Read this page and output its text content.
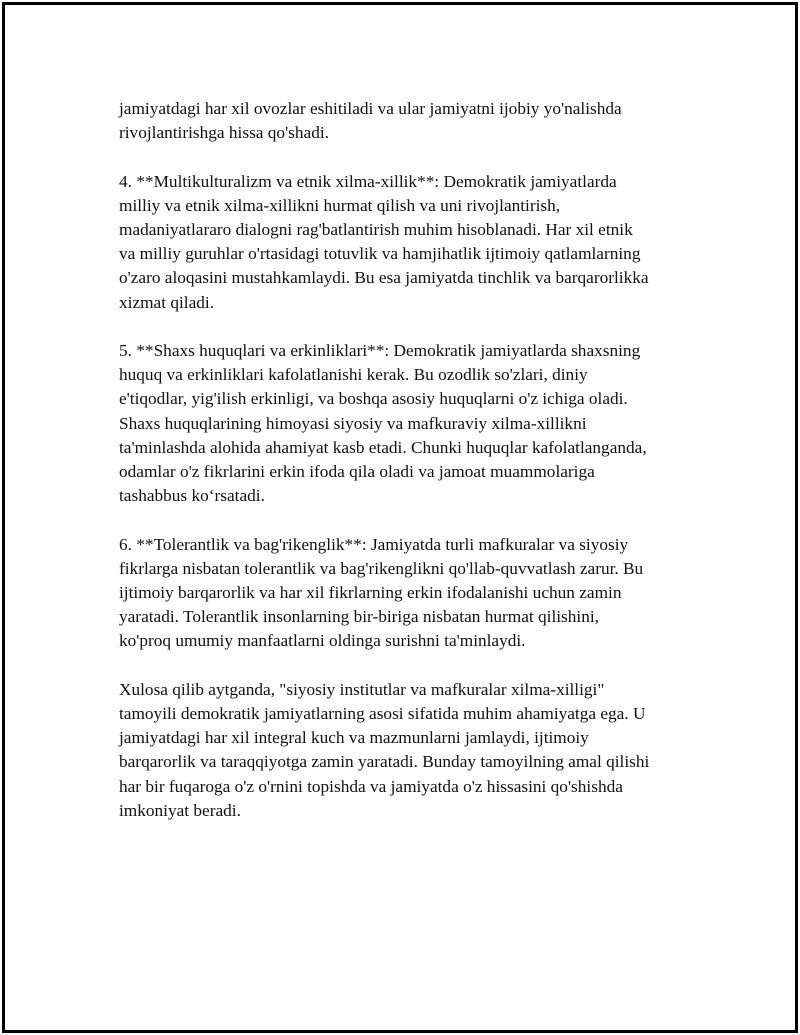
jamiyatdagi har xil ovozlar eshitiladi va ular jamiyatni ijobiy yo'nalishda
rivojlantirishga hissa qo'shadi.

4. **Multikulturalizm va etnik xilma-xillik**: Demokratik jamiyatlarda
milliy va etnik xilma-xillikni hurmat qilish va uni rivojlantirish,
madaniyatlararo dialogni rag'batlantirish muhim hisoblanadi. Har xil etnik
va milliy guruhlar o'rtasidagi totuvlik va hamjihatlik ijtimoiy qatlamlarning
o'zaro aloqasini mustahkamlaydi. Bu esa jamiyatda tinchlik va barqarorlikka
xizmat qiladi.

5. **Shaxs huquqlari va erkinliklari**: Demokratik jamiyatlarda shaxsning
huquq va erkinliklari kafolatlanishi kerak. Bu ozodlik so'zlari, diniy
e'tiqodlar, yig'ilish erkinligi, va boshqa asosiy huquqlarni o'z ichiga oladi.
Shaxs huquqlarining himoyasi siyosiy va mafkuraviy xilma-xillikni
ta'minlashda alohida ahamiyat kasb etadi. Chunki huquqlar kafolatlanganda,
odamlar o'z fikrlarini erkin ifoda qila oladi va jamoat muammolariga
tashabbus koʻrsatadi.

6. **Tolerantlik va bag'rikenglik**: Jamiyatda turli mafkuralar va siyosiy
fikrlarga nisbatan tolerantlik va bag'rikenglikni qo'llab-quvvatlash zarur. Bu
ijtimoiy barqarorlik va har xil fikrlarning erkin ifodalanishi uchun zamin
yaratadi. Tolerantlik insonlarning bir-biriga nisbatan hurmat qilishini,
ko'proq umumiy manfaatlarni oldinga surishni ta'minlaydi.

Xulosa qilib aytganda, "siyosiy institutlar va mafkuralar xilma-xilligi"
tamoyili demokratik jamiyatlarning asosi sifatida muhim ahamiyatga ega. U
jamiyatdagi har xil integral kuch va mazmunlarni jamlaydi, ijtimoiy
barqarorlik va taraqqiyotga zamin yaratadi. Bunday tamoyilning amal qilishi
har bir fuqaroga o'z o'rnini topishda va jamiyatda o'z hissasini qo'shishda
imkoniyat beradi.
